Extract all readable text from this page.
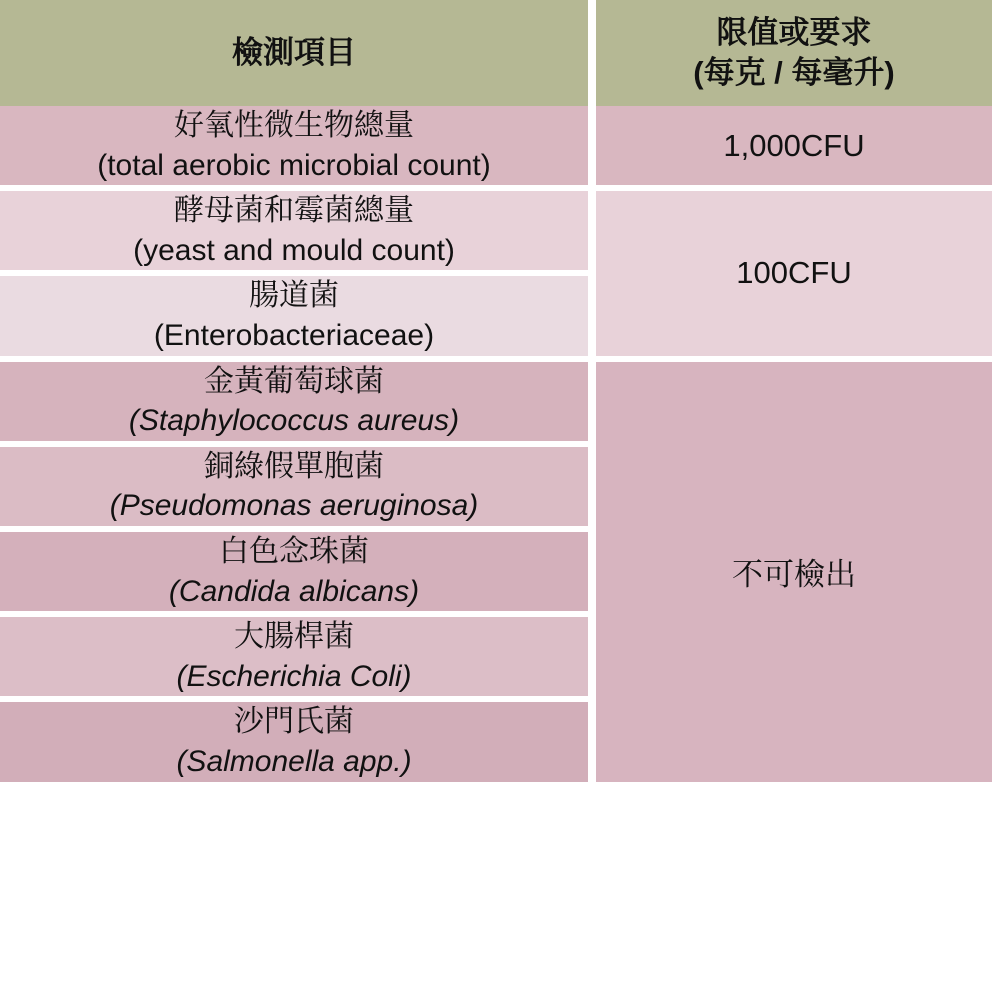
檢測項目		限值或要求
(每克 / 每毫升)

好氧性微生物總量
(total aerobic microbial count)		1,000CFU

酵母菌和霉菌總量
(yeast and mould count)		100CFU

腸道菌
(Enterobacteriaceae)		

金黃葡萄球菌
(Staphylococcus aureus)		不可檢出

銅綠假單胞菌
(Pseudomonas aeruginosa)		

白色念珠菌
(Candida albicans)		

大腸桿菌
(Escherichia Coli)		

沙門氏菌
(Salmonella app.)		
